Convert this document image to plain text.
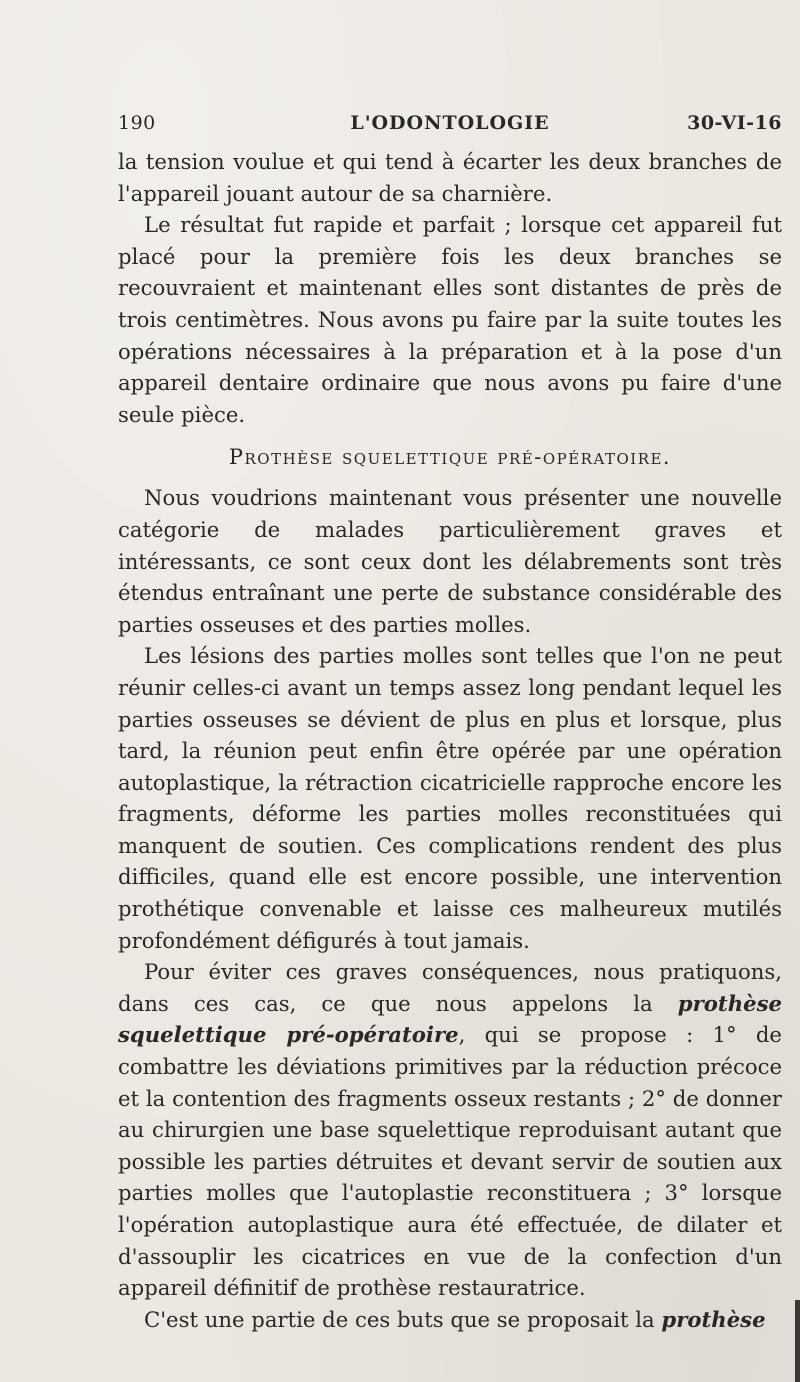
190	L'ODONTOLOGIE	30-VI-16

la tension voulue et qui tend à écarter les deux branches de l'appareil jouant autour de sa charnière.

Le résultat fut rapide et parfait ; lorsque cet appareil fut placé pour la première fois les deux branches se recouvraient et maintenant elles sont distantes de près de trois centimètres. Nous avons pu faire par la suite toutes les opérations nécessaires à la préparation et à la pose d'un appareil dentaire ordinaire que nous avons pu faire d'une seule pièce.

Prothèse squelettique pré-opératoire.

Nous voudrions maintenant vous présenter une nouvelle catégorie de malades particulièrement graves et intéressants, ce sont ceux dont les délabrements sont très étendus entraînant une perte de substance considérable des parties osseuses et des parties molles.

Les lésions des parties molles sont telles que l'on ne peut réunir celles-ci avant un temps assez long pendant lequel les parties osseuses se dévient de plus en plus et lorsque, plus tard, la réunion peut enfin être opérée par une opération autoplastique, la rétraction cicatricielle rapproche encore les fragments, déforme les parties molles reconstituées qui manquent de soutien. Ces complications rendent des plus difficiles, quand elle est encore possible, une intervention prothétique convenable et laisse ces malheureux mutilés profondément défigurés à tout jamais.

Pour éviter ces graves conséquences, nous pratiquons, dans ces cas, ce que nous appelons la prothèse squelettique pré-opératoire, qui se propose : 1° de combattre les déviations primitives par la réduction précoce et la contention des fragments osseux restants ; 2° de donner au chirurgien une base squelettique reproduisant autant que possible les parties détruites et devant servir de soutien aux parties molles que l'autoplastie reconstituera ; 3° lorsque l'opération autoplastique aura été effectuée, de dilater et d'assouplir les cicatrices en vue de la confection d'un appareil définitif de prothèse restauratrice.

C'est une partie de ces buts que se proposait la prothèse
